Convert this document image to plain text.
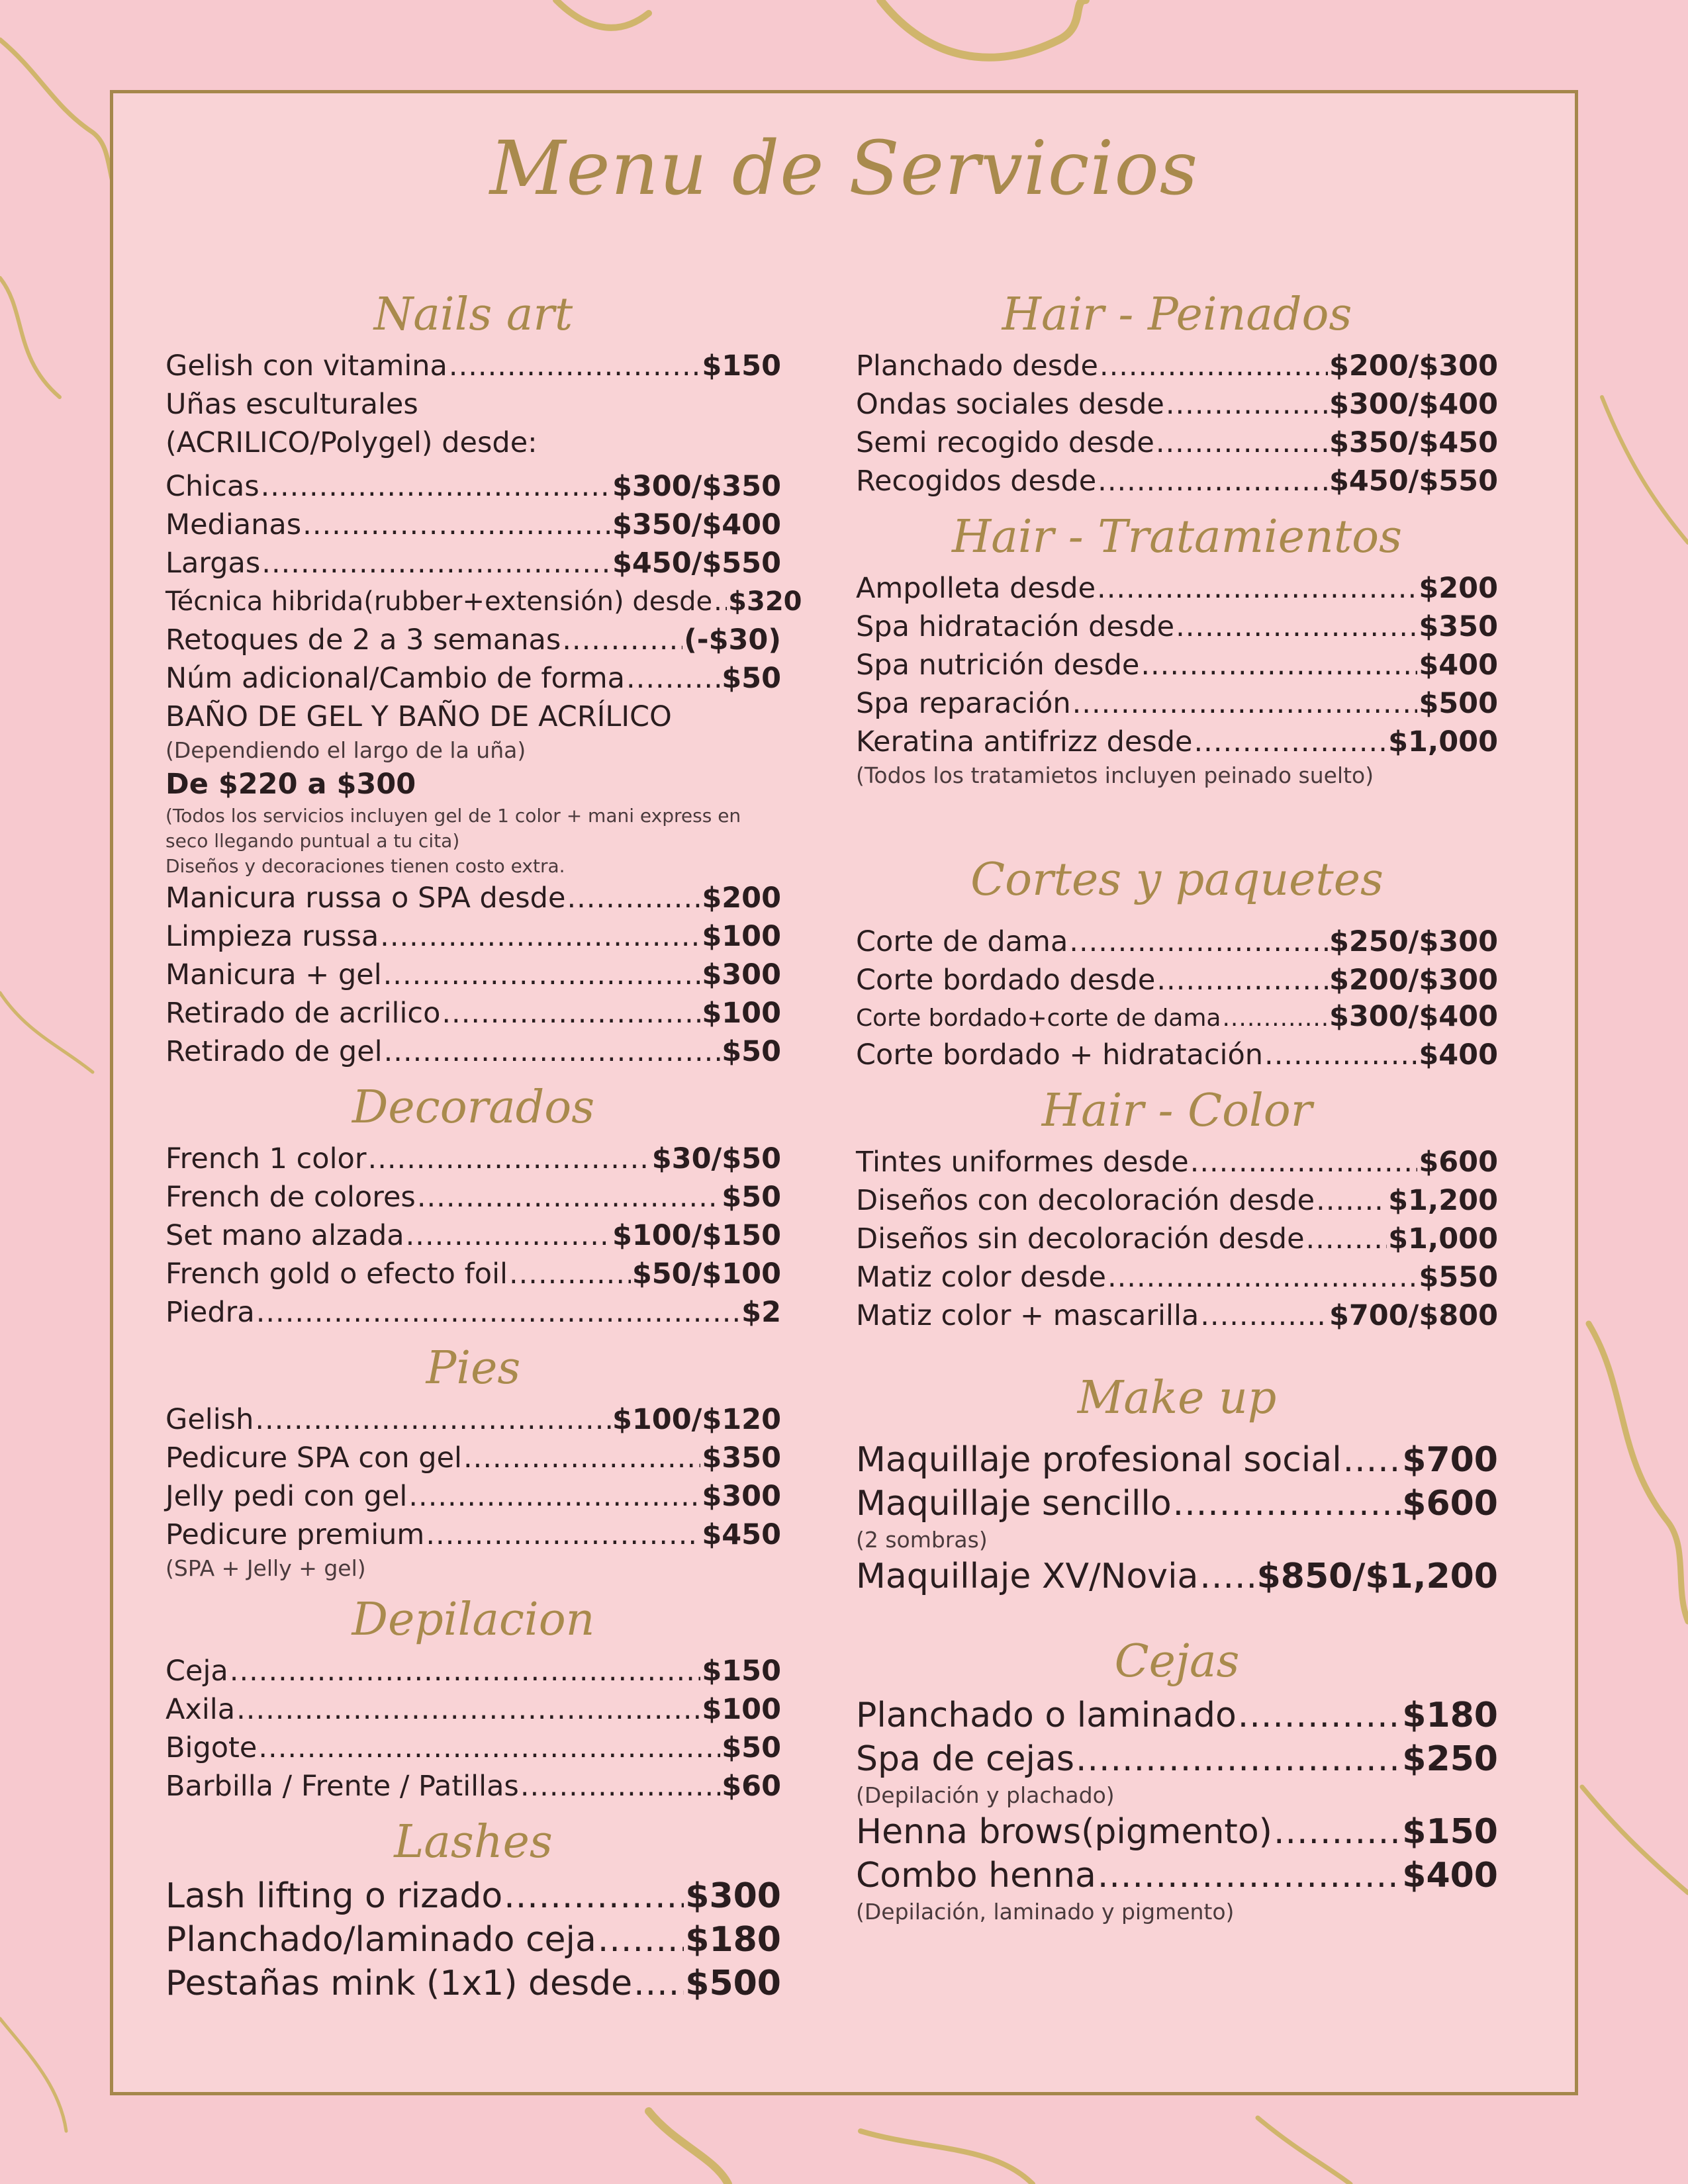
Menu de Servicios
Nails art
Gelish con vitamina .....	$150
Uñas esculturales
(ACRILICO/Polygel) desde:
Chicas .....	$300/$350
Medianas .....	$350/$400
Largas .....	$450/$550
Técnica hibrida(rubber+extensión) desde ..... $320
Retoques de 2 a 3 semanas .....	(-$30)
Núm adicional/Cambio de forma .....	$50
BAÑO DE GEL Y BAÑO DE ACRÍLICO
(Dependiendo el largo de la uña)
De $220 a $300
(Todos los servicios incluyen gel de 1 color + mani express en seco llegando puntual a tu cita)
Diseños y decoraciones tienen costo extra.
Manicura russa o SPA desde .....	$200
Limpieza russa .....	$100
Manicura + gel .....	$300
Retirado de acrilico .....	$100
Retirado de gel .....	$50
Decorados
French 1 color .....	$30/$50
French de colores .....	$50
Set mano alzada .....	$100/$150
French gold o efecto foil .....	$50/$100
Piedra .....	$2
Pies
Gelish .....	$100/$120
Pedicure SPA con gel .....	$350
Jelly pedi con gel .....	$300
Pedicure premium .....	$450
(SPA + Jelly + gel)
Depilacion
Ceja .....	$150
Axila .....	$100
Bigote .....	$50
Barbilla / Frente / Patillas .....	$60
Lashes
Lash lifting o rizado .....	$300
Planchado/laminado ceja .....	$180
Pestañas mink (1x1) desde ..... $500
Hair - Peinados
Planchado desde .....	$200/$300
Ondas sociales desde .....	$300/$400
Semi recogido desde .....	$350/$450
Recogidos desde .....	$450/$550
Hair - Tratamientos
Ampolleta desde .....	$200
Spa hidratación desde .....	$350
Spa nutrición desde .....	$400
Spa reparación .....	$500
Keratina antifrizz desde .....	$1,000
(Todos los tratamietos incluyen peinado suelto)
Cortes y paquetes
Corte de dama .....	$250/$300
Corte bordado desde .....	$200/$300
Corte bordado+corte de dama .....	$300/$400
Corte bordado + hidratación .....	$400
Hair - Color
Tintes uniformes desde .....	$600
Diseños con decoloración desde .....	$1,200
Diseños sin decoloración desde .....	$1,000
Matiz color desde .....	$550
Matiz color + mascarilla .....	$700/$800
Make up
Maquillaje profesional social ..... $700
Maquillaje sencillo .....	$600
(2 sombras)
Maquillaje XV/Novia ..... $850/$1,200
Cejas
Planchado o laminado .....	$180
Spa de cejas .....	$250
(Depilación y plachado)
Henna brows(pigmento) .....	$150
Combo henna .....	$400
(Depilación, laminado y pigmento)
